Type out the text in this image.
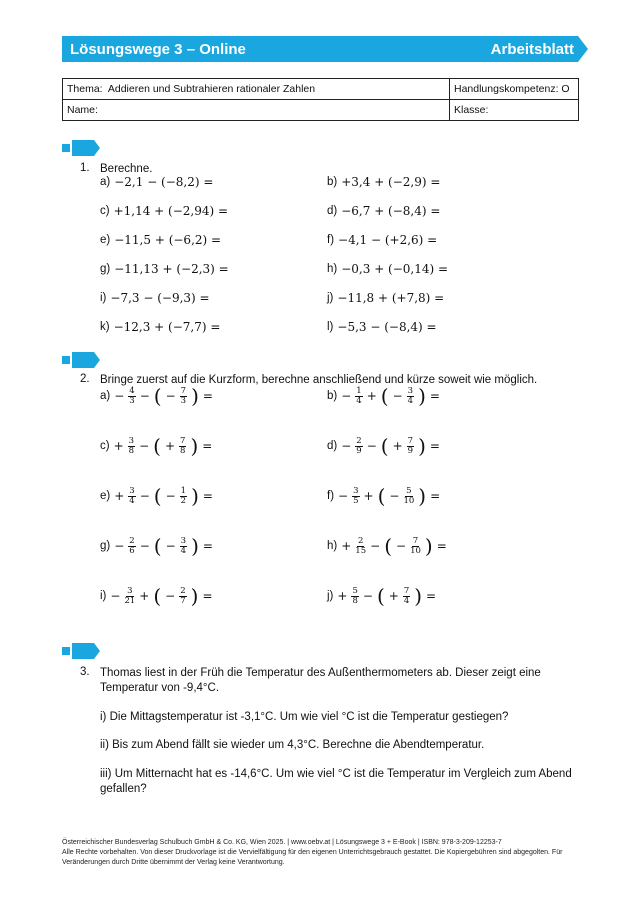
Lösungswege 3 – Online	Arbeitsblatt
Thema: Addieren und Subtrahieren rationaler Zahlen	Handlungskompetenz: O
Name:	Klasse:
1. Berechne.
a) −2,1 − (−8,2) =	b) +3,4 + (−2,9) =
c) +1,14 + (−2,94) =	d) −6,7 + (−8,4) =
e) −11,5 + (−6,2) =	f) −4,1 − (+2,6) =
g) −11,13 + (−2,3) =	h) −0,3 + (−0,14) =
i) −7,3 − (−9,3) =	j) −11,8 + (+7,8) =
k) −12,3 + (−7,7) =	l) −5,3 − (−8,4) =
2. Bringe zuerst auf die Kurzform, berechne anschließend und kürze soweit wie möglich.
$a) - \frac{4}{3}$ − ( − $\frac{7}{3}$ ) =	$b) - \frac{1}{4}$ + ( − $\frac{3}{4}$ ) =
$c) + \frac{3}{8}$ − ( + $\frac{7}{8}$ ) =	$d) - \frac{2}{9}$ − ( + $\frac{7}{9}$ ) =
$e) + \frac{3}{4}$ − ( − $\frac{1}{2}$ ) =	$f) - \frac{3}{5}$ + ( − $\frac{5}{10}$ ) =
$g) - \frac{2}{6}$ − ( − $\frac{3}{4}$ ) =	$h) + \frac{2}{15}$ − ( − $\frac{7}{10}$ ) =
$i) - \frac{3}{21}$ + ( − $\frac{2}{7}$ ) =	$j) + \frac{5}{8}$ − ( + $\frac{7}{4}$ ) =
3. Thomas liest in der Früh die Temperatur des Außenthermometers ab. Dieser zeigt eine Temperatur von -9,4°C.
i) Die Mittagstemperatur ist -3,1°C. Um wie viel °C ist die Temperatur gestiegen?
ii) Bis zum Abend fällt sie wieder um 4,3°C. Berechne die Abendtemperatur.
iii) Um Mitternacht hat es -14,6°C. Um wie viel °C ist die Temperatur im Vergleich zum Abend gefallen?
Österreichischer Bundesverlag Schulbuch GmbH & Co. KG, Wien 2025. | www.oebv.at | Lösungswege 3 + E-Book | ISBN: 978-3-209-12253-7
Alle Rechte vorbehalten. Von dieser Druckvorlage ist die Vervielfältigung für den eigenen Unterrichtsgebrauch gestattet. Die Kopiergebühren sind abgegolten. Für Veränderungen durch Dritte übernimmt der Verlag keine Verantwortung.
